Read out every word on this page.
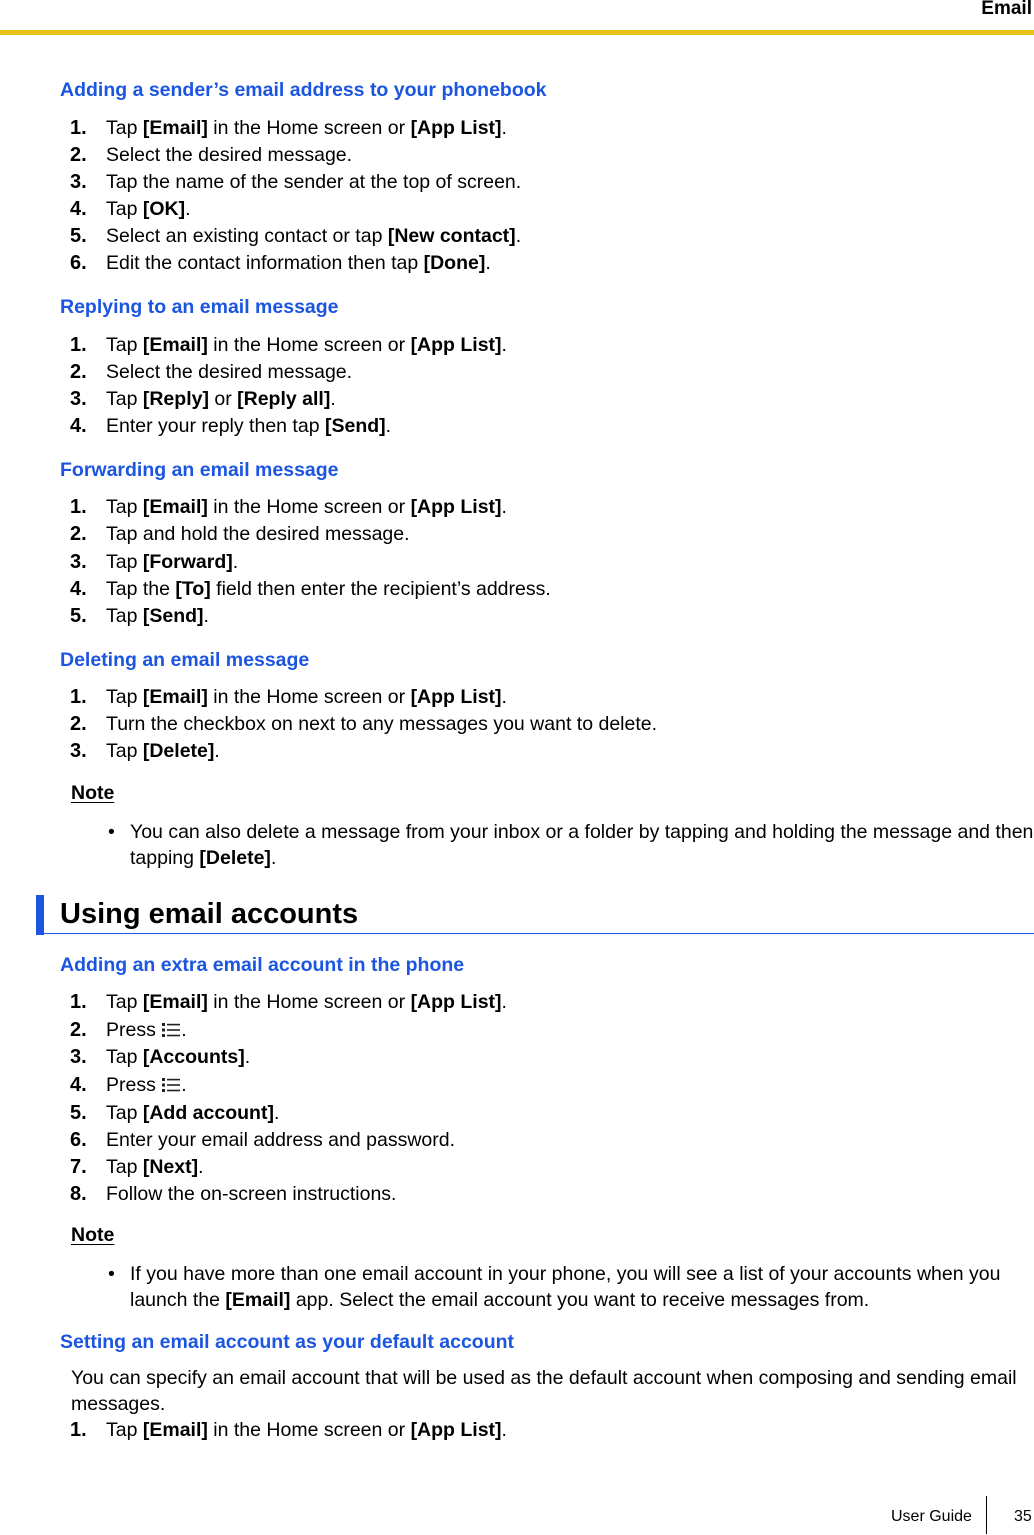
Email
Adding a sender’s email address to your phonebook
1. Tap [Email] in the Home screen or [App List].
2. Select the desired message.
3. Tap the name of the sender at the top of screen.
4. Tap [OK].
5. Select an existing contact or tap [New contact].
6. Edit the contact information then tap [Done].
Replying to an email message
1. Tap [Email] in the Home screen or [App List].
2. Select the desired message.
3. Tap [Reply] or [Reply all].
4. Enter your reply then tap [Send].
Forwarding an email message
1. Tap [Email] in the Home screen or [App List].
2. Tap and hold the desired message.
3. Tap [Forward].
4. Tap the [To] field then enter the recipient’s address.
5. Tap [Send].
Deleting an email message
1. Tap [Email] in the Home screen or [App List].
2. Turn the checkbox on next to any messages you want to delete.
3. Tap [Delete].
Note
• You can also delete a message from your inbox or a folder by tapping and holding the message and then tapping [Delete].
Using email accounts
Adding an extra email account in the phone
1. Tap [Email] in the Home screen or [App List].
2. Press .
3. Tap [Accounts].
4. Press .
5. Tap [Add account].
6. Enter your email address and password.
7. Tap [Next].
8. Follow the on-screen instructions.
Note
• If you have more than one email account in your phone, you will see a list of your accounts when you launch the [Email] app. Select the email account you want to receive messages from.
Setting an email account as your default account
You can specify an email account that will be used as the default account when composing and sending email messages.
1. Tap [Email] in the Home screen or [App List].
User Guide	35
